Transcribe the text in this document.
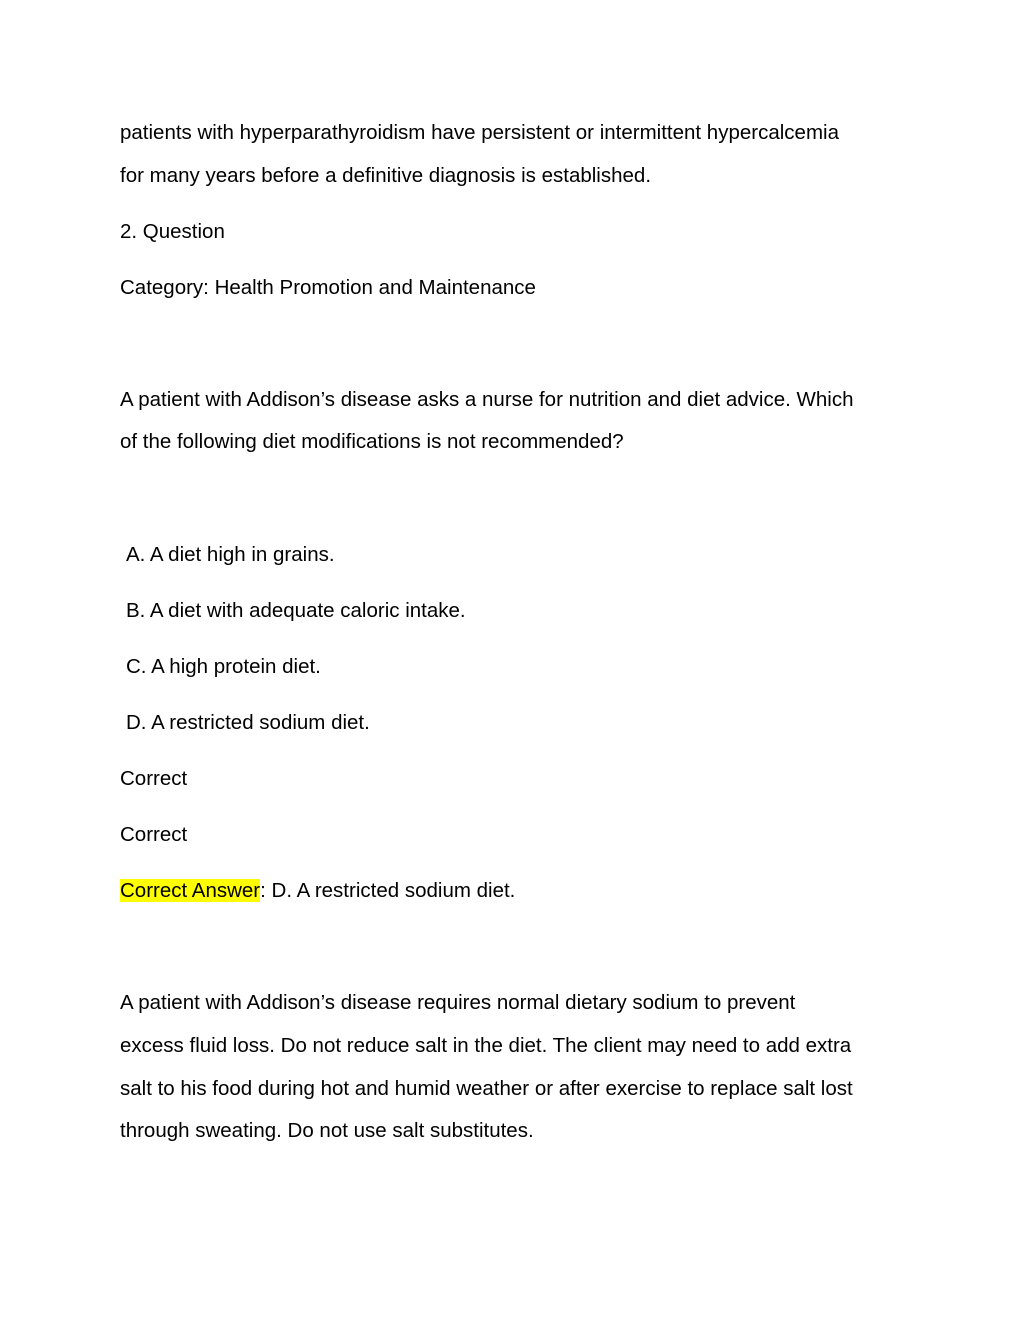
patients with hyperparathyroidism have persistent or intermittent hypercalcemia

for many years before a definitive diagnosis is established.

2. Question

Category: Health Promotion and Maintenance

A patient with Addison’s disease asks a nurse for nutrition and diet advice. Which

of the following diet modifications is not recommended?

A. A diet high in grains.

B. A diet with adequate caloric intake.

C. A high protein diet.

D. A restricted sodium diet.

Correct

Correct

Correct Answer: D. A restricted sodium diet.

A patient with Addison’s disease requires normal dietary sodium to prevent

excess fluid loss. Do not reduce salt in the diet. The client may need to add extra

salt to his food during hot and humid weather or after exercise to replace salt lost

through sweating. Do not use salt substitutes.
